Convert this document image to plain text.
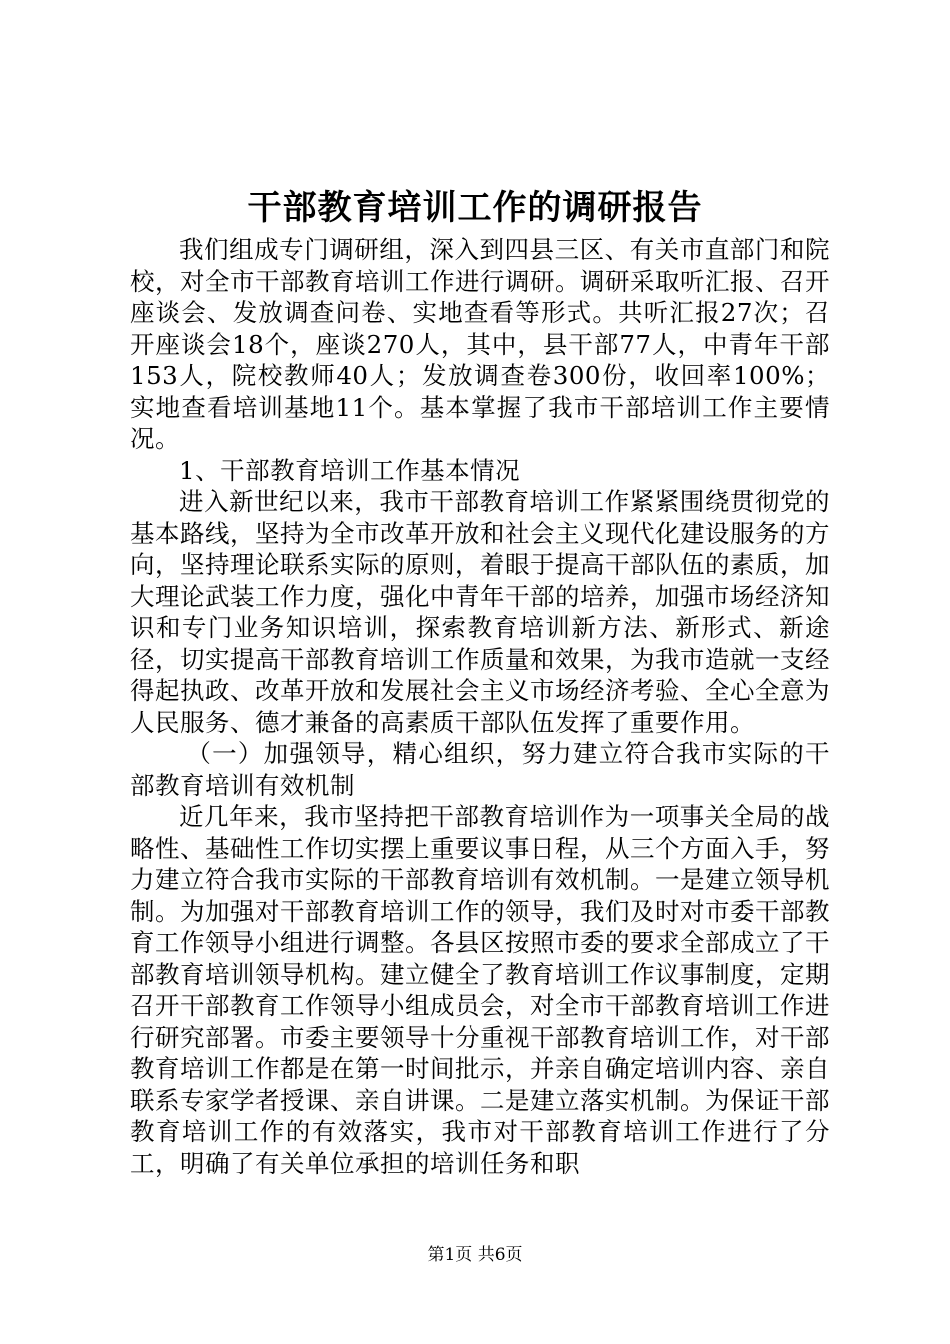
干部教育培训工作的调研报告

我们组成专门调研组，深入到四县三区、有关市直部门和院校，对全市干部教育培训工作进行调研。调研采取听汇报、召开座谈会、发放调查问卷、实地查看等形式。共听汇报27次；召开座谈会18个，座谈270人，其中，县干部77人，中青年干部153人，院校教师40人；发放调查卷300份，收回率100%；实地查看培训基地11个。基本掌握了我市干部培训工作主要情况。

1、干部教育培训工作基本情况

进入新世纪以来，我市干部教育培训工作紧紧围绕贯彻党的基本路线，坚持为全市改革开放和社会主义现代化建设服务的方向，坚持理论联系实际的原则，着眼于提高干部队伍的素质，加大理论武装工作力度，强化中青年干部的培养，加强市场经济知识和专门业务知识培训，探索教育培训新方法、新形式、新途径，切实提高干部教育培训工作质量和效果，为我市造就一支经得起执政、改革开放和发展社会主义市场经济考验、全心全意为人民服务、德才兼备的高素质干部队伍发挥了重要作用。

（一）加强领导，精心组织，努力建立符合我市实际的干部教育培训有效机制

近几年来，我市坚持把干部教育培训作为一项事关全局的战略性、基础性工作切实摆上重要议事日程，从三个方面入手，努力建立符合我市实际的干部教育培训有效机制。一是建立领导机制。为加强对干部教育培训工作的领导，我们及时对市委干部教育工作领导小组进行调整。各县区按照市委的要求全部成立了干部教育培训领导机构。建立健全了教育培训工作议事制度，定期召开干部教育工作领导小组成员会，对全市干部教育培训工作进行研究部署。市委主要领导十分重视干部教育培训工作，对干部教育培训工作都是在第一时间批示，并亲自确定培训内容、亲自联系专家学者授课、亲自讲课。二是建立落实机制。为保证干部教育培训工作的有效落实，我市对干部教育培训工作进行了分工，明确了有关单位承担的培训任务和职

第1页 共6页
